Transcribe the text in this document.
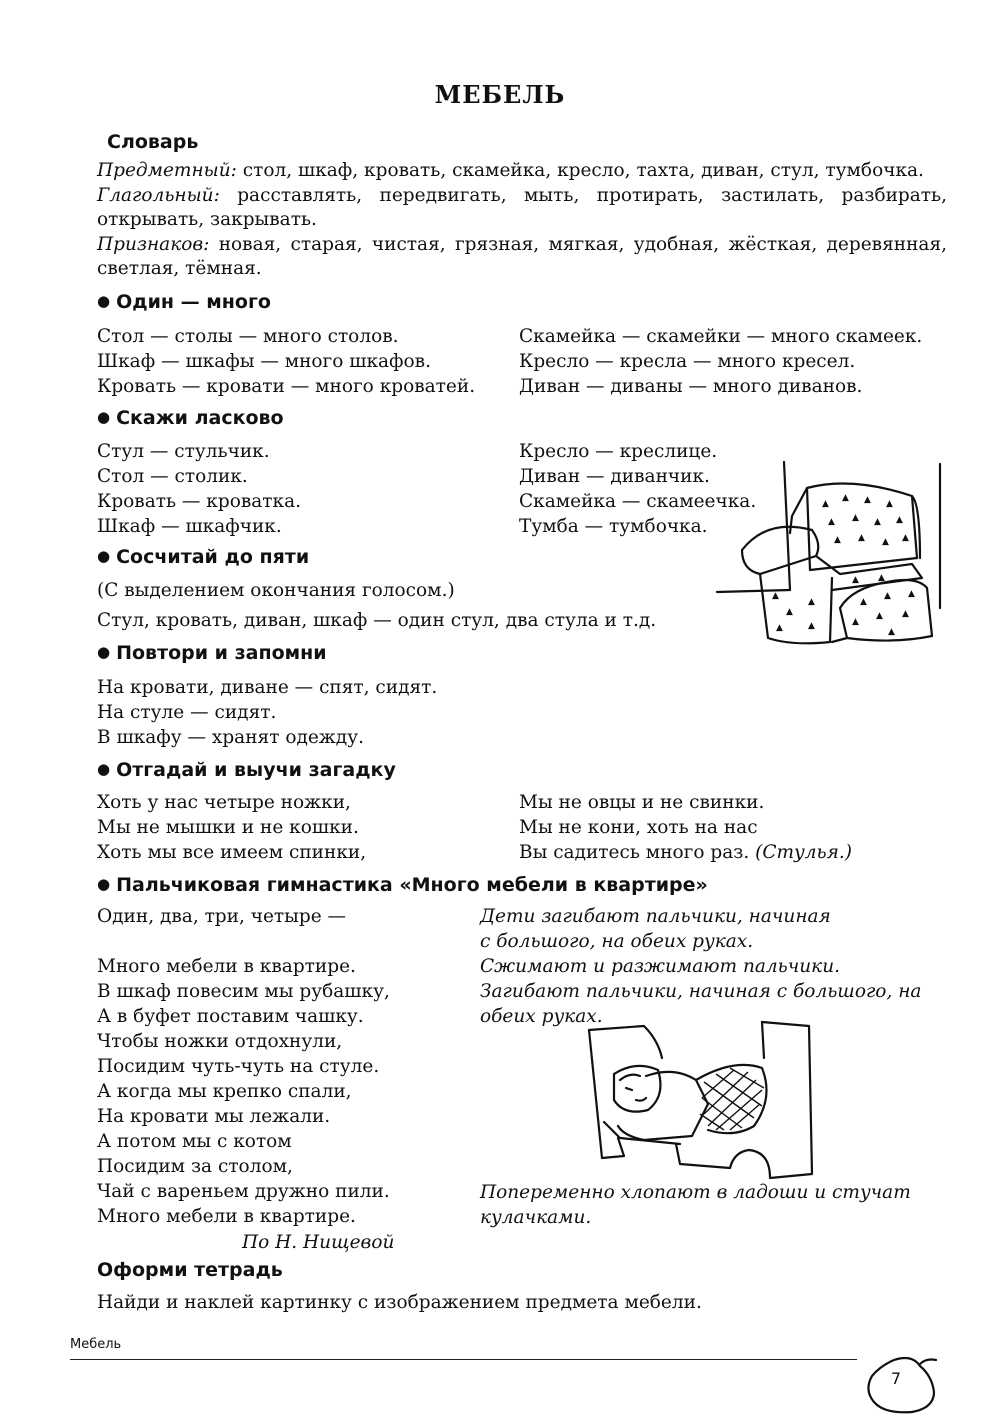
МЕБЕЛЬ
Словарь
Предметный: стол, шкаф, кровать, скамейка, кресло, тахта, диван, стул, тумбочка.
Глагольный: расставлять, передвигать, мыть, протирать, застилать, разбирать, открывать, закрывать.
Признаков: новая, старая, чистая, грязная, мягкая, удобная, жёсткая, деревянная, светлая, тёмная.
● Один — много
Стол — столы — много столов.
Шкаф — шкафы — много шкафов.
Кровать — кровати — много кроватей.
Скамейка — скамейки — много скамеек.
Кресло — кресла — много кресел.
Диван — диваны — много диванов.
● Скажи ласково
Стул — стульчик.
Стол — столик.
Кровать — кроватка.
Шкаф — шкафчик.
Кресло — креслице.
Диван — диванчик.
Скамейка — скамеечка.
Тумба — тумбочка.
▲
▲ ▲ ▲
▲ ▲ ▲ ▲
▲ ▲ ▲ ▲
▲
▲
▲
▲	▲
▲
▲ ▲
▲
▲ ▲
▲
▲ ▲
● Сосчитай до пяти
(С выделением окончания голосом.)
Стул, кровать, диван, шкаф — один стул, два стула и т.д.
● Повтори и запомни
На кровати, диване — спят, сидят.
На стуле — сидят.
В шкафу — хранят одежду.
● Отгадай и выучи загадку
Хоть у нас четыре ножки,
Мы не мышки и не кошки.
Хоть мы все имеем спинки,
Мы не овцы и не свинки.
Мы не кони, хоть на нас
Вы садитесь много раз. (Стулья.)
● Пальчиковая гимнастика «Много мебели в квартире»
Один, два, три, четыре —

Много мебели в квартире.
В шкаф повесим мы рубашку,
А в буфет поставим чашку.
Чтобы ножки отдохнули,
Посидим чуть-чуть на стуле.
А когда мы крепко спали,
На кровати мы лежали.
А потом мы с котом
Посидим за столом,
Чай с вареньем дружно пили.
Много мебели в квартире.
По Н. Нищевой
Дети загибают пальчики, начиная
с большого, на обеих руках.
Сжимают и разжимают пальчики.
Загибают пальчики, начиная с большого, на
обеих руках.
Попеременно хлопают в ладоши и стучат
кулачками.
Оформи тетрадь
Найди и наклей картинку с изображением предмета мебели.
Мебель
7
